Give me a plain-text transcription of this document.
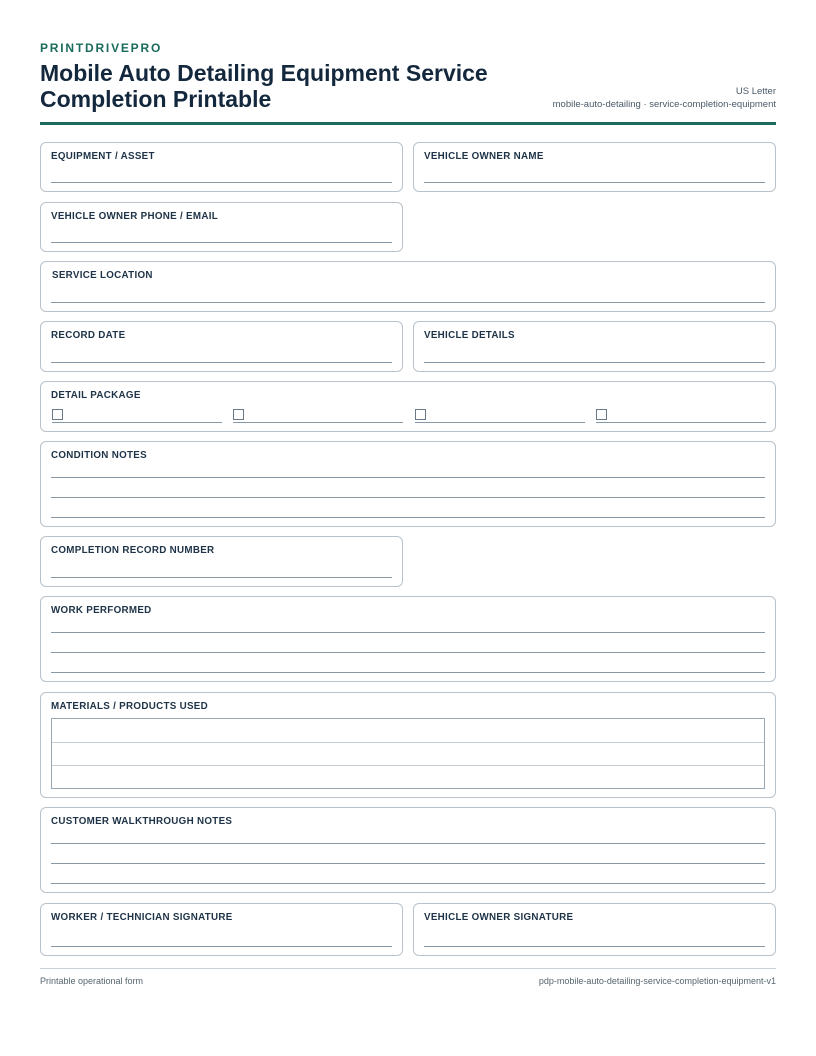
PRINTDRIVEPRO
Mobile Auto Detailing Equipment Service Completion Printable	US Letter
mobile-auto-detailing · service-completion-equipment
EQUIPMENT / ASSET	VEHICLE OWNER NAME
VEHICLE OWNER PHONE / EMAIL
SERVICE LOCATION
RECORD DATE	VEHICLE DETAILS
DETAIL PACKAGE
CONDITION NOTES
COMPLETION RECORD NUMBER
WORK PERFORMED
MATERIALS / PRODUCTS USED
CUSTOMER WALKTHROUGH NOTES
WORKER / TECHNICIAN SIGNATURE	VEHICLE OWNER SIGNATURE
Printable operational form	pdp-mobile-auto-detailing-service-completion-equipment-v1
